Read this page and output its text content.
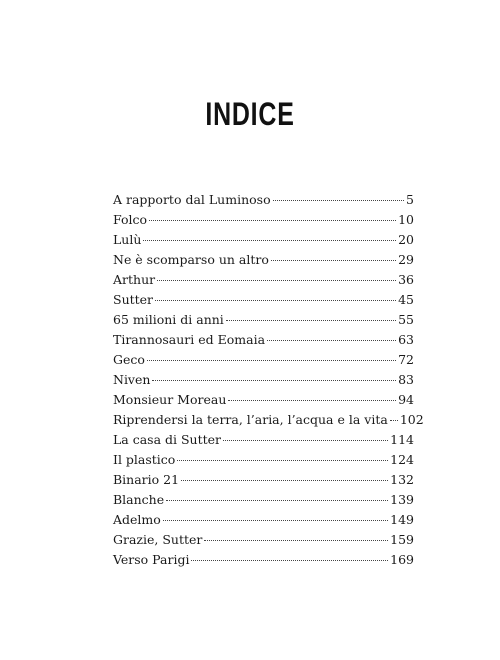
INDICE
A rapporto dal Luminoso	5
Folco	10
Lulù	20
Ne è scomparso un altro	29
Arthur	36
Sutter	45
65 milioni di anni	55
Tirannosauri ed Eomaia	63
Geco	72
Niven	83
Monsieur Moreau	94
Riprendersi la terra, l’aria, l’acqua e la vita 102
La casa di Sutter	114
Il plastico	124
Binario 21	132
Blanche	139
Adelmo	149
Grazie, Sutter	159
Verso Parigi	169
